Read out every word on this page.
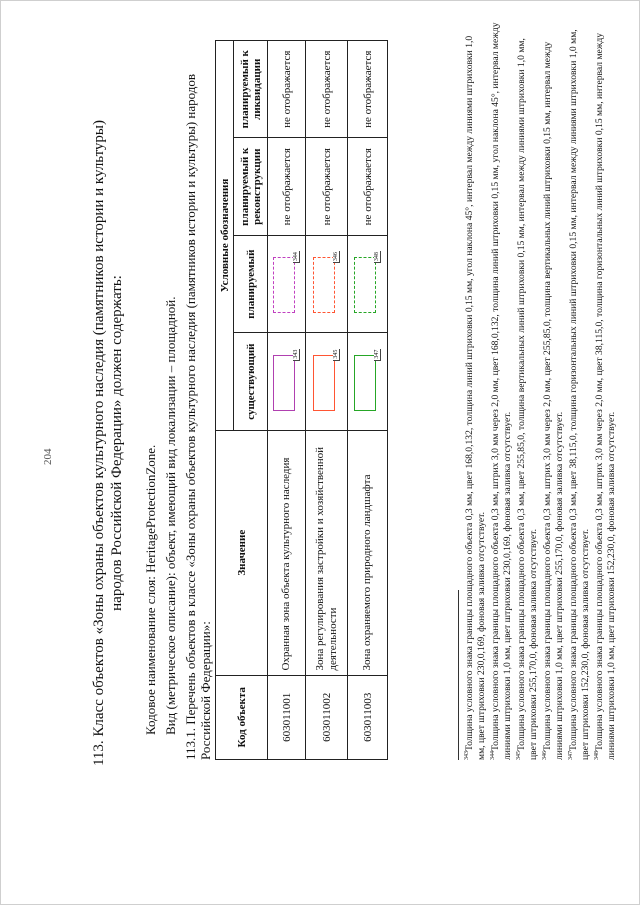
204 113. Класс объектов «Зоны охраны объектов культурного наследия (памятников истории и культуры) народов Российской Федерации» должен содержать: Кодовое наименование слоя: HeritageProtectionZone. Вид (метрическое описание): объект, имеющий вид локализации – площадной. 113.1. Перечень объектов в классе «Зоны охраны объектов культурного наследия (памятников истории и культуры) народов Российской Федерации»: Код объекта	Значение	Условные обозначения			
		существующий	планируемый	планируемый к реконструкции	планируемый к ликвидации
603011001	Охранная зона объекта культурного наследия	343	344	не отображается	не отображается
603011002	Зона регулирования застройки и хозяйственной деятельности	345	346	не отображается	не отображается
603011003	Зона охраняемого природного ландшафта	347	348	не отображается	не отображается
$^{343}$Толщина условного знака границы площадного объекта 0,3 мм, цвет 168,0,132, толщина линий штриховки 0,15 мм, угол наклона 45°, интервал между линиями штриховки 1,0 мм, цвет штриховки 230,0,169, фоновая заливка отсутствует. $^{344}$Толщина условного знака границы площадного объекта 0,3 мм, штрих 3,0 мм через 2,0 мм, цвет 168,0,132, толщина линий штриховки 0,15 мм, угол наклона 45°, интервал между линиями штриховки 1,0 мм, цвет штриховки 230,0,169, фоновая заливка отсутствует. $^{345}$Толщина условного знака границы площадного объекта 0,3 мм, цвет 255,85,0, толщина вертикальных линий штриховки 0,15 мм, интервал между линиями штриховки 1,0 мм, цвет штриховки 255,170,0, фоновая заливка отсутствует. $^{346}$Толщина условного знака границы площадного объекта 0,3 мм, штрих 3,0 мм через 2,0 мм, цвет 255,85,0, толщина вертикальных линий штриховки 0,15 мм, интервал между линиями штриховки 1,0 мм, цвет штриховки 255,170,0, фоновая заливка отсутствует. $^{347}$Толщина условного знака границы площадного объекта 0,3 мм, цвет 38,115,0, толщина горизонтальных линий штриховки 0,15 мм, интервал между линиями штриховки 1,0 мм, цвет штриховки 152,230,0, фоновая заливка отсутствует. $^{348}$Толщина условного знака границы площадного объекта 0,3 мм, штрих 3,0 мм через 2,0 мм, цвет 38,115,0, толщина горизонтальных линий штриховки 0,15 мм, интервал между линиями штриховки 1,0 мм, цвет штриховки 152,230,0, фоновая заливка отсутствует.
